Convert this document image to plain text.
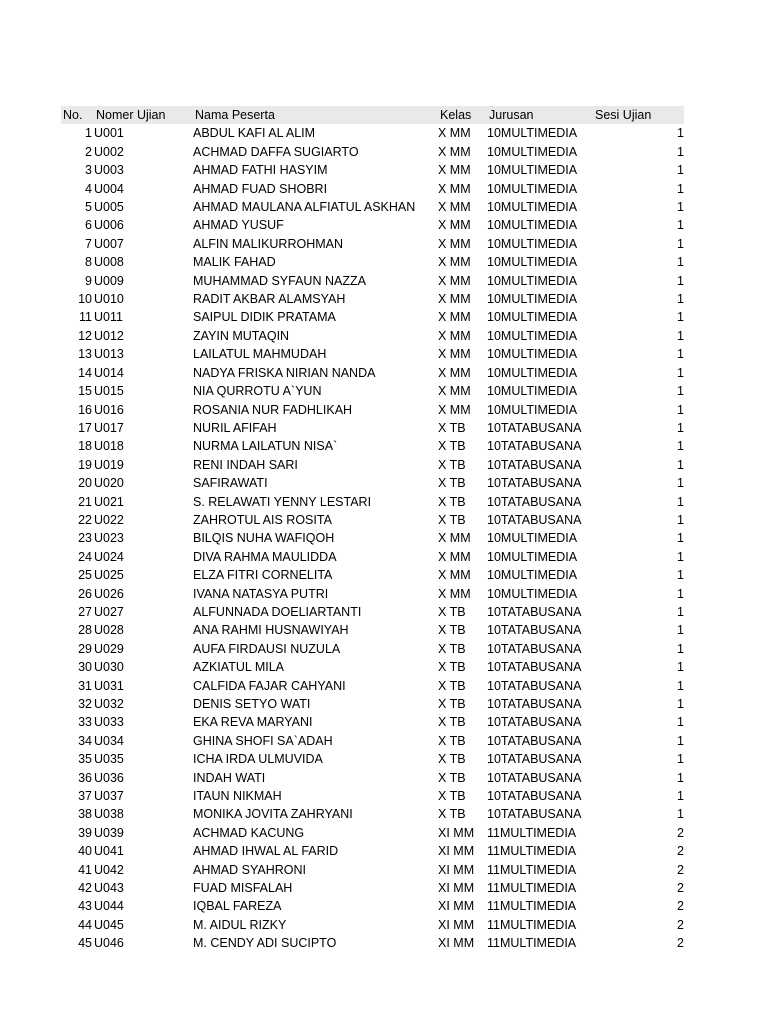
No.	Nomer Ujian	Nama Peserta	Kelas	Jurusan	Sesi Ujian
1	U001	ABDUL KAFI AL ALIM	X MM	10MULTIMEDIA	1
2	U002	ACHMAD DAFFA SUGIARTO	X MM	10MULTIMEDIA	1
3	U003	AHMAD FATHI HASYIM	X MM	10MULTIMEDIA	1
4	U004	AHMAD FUAD SHOBRI	X MM	10MULTIMEDIA	1
5	U005	AHMAD MAULANA ALFIATUL ASKHAN	X MM	10MULTIMEDIA	1
6	U006	AHMAD YUSUF	X MM	10MULTIMEDIA	1
7	U007	ALFIN MALIKURROHMAN	X MM	10MULTIMEDIA	1
8	U008	MALIK FAHAD	X MM	10MULTIMEDIA	1
9	U009	MUHAMMAD SYFAUN NAZZA	X MM	10MULTIMEDIA	1
10	U010	RADIT AKBAR ALAMSYAH	X MM	10MULTIMEDIA	1
11	U011	SAIPUL DIDIK PRATAMA	X MM	10MULTIMEDIA	1
12	U012	ZAYIN MUTAQIN	X MM	10MULTIMEDIA	1
13	U013	LAILATUL MAHMUDAH	X MM	10MULTIMEDIA	1
14	U014	NADYA FRISKA NIRIAN NANDA	X MM	10MULTIMEDIA	1
15	U015	NIA QURROTU A`YUN	X MM	10MULTIMEDIA	1
16	U016	ROSANIA NUR FADHLIKAH	X MM	10MULTIMEDIA	1
17	U017	NURIL AFIFAH	X TB	10TATABUSANA	1
18	U018	NURMA LAILATUN NISA`	X TB	10TATABUSANA	1
19	U019	RENI INDAH SARI	X TB	10TATABUSANA	1
20	U020	SAFIRAWATI	X TB	10TATABUSANA	1
21	U021	S. RELAWATI YENNY LESTARI	X TB	10TATABUSANA	1
22	U022	ZAHROTUL AIS ROSITA	X TB	10TATABUSANA	1
23	U023	BILQIS NUHA WAFIQOH	X MM	10MULTIMEDIA	1
24	U024	DIVA RAHMA MAULIDDA	X MM	10MULTIMEDIA	1
25	U025	ELZA FITRI CORNELITA	X MM	10MULTIMEDIA	1
26	U026	IVANA NATASYA PUTRI	X MM	10MULTIMEDIA	1
27	U027	ALFUNNADA DOELIARTANTI	X TB	10TATABUSANA	1
28	U028	ANA RAHMI HUSNAWIYAH	X TB	10TATABUSANA	1
29	U029	AUFA FIRDAUSI NUZULA	X TB	10TATABUSANA	1
30	U030	AZKIATUL MILA	X TB	10TATABUSANA	1
31	U031	CALFIDA FAJAR CAHYANI	X TB	10TATABUSANA	1
32	U032	DENIS SETYO WATI	X TB	10TATABUSANA	1
33	U033	EKA REVA MARYANI	X TB	10TATABUSANA	1
34	U034	GHINA SHOFI SA`ADAH	X TB	10TATABUSANA	1
35	U035	ICHA IRDA ULMUVIDA	X TB	10TATABUSANA	1
36	U036	INDAH WATI	X TB	10TATABUSANA	1
37	U037	ITAUN NIKMAH	X TB	10TATABUSANA	1
38	U038	MONIKA JOVITA ZAHRYANI	X TB	10TATABUSANA	1
39	U039	ACHMAD KACUNG	XI MM	11MULTIMEDIA	2
40	U041	AHMAD IHWAL AL FARID	XI MM	11MULTIMEDIA	2
41	U042	AHMAD SYAHRONI	XI MM	11MULTIMEDIA	2
42	U043	FUAD MISFALAH	XI MM	11MULTIMEDIA	2
43	U044	IQBAL FAREZA	XI MM	11MULTIMEDIA	2
44	U045	M. AIDUL RIZKY	XI MM	11MULTIMEDIA	2
45	U046	M. CENDY ADI SUCIPTO	XI MM	11MULTIMEDIA	2
